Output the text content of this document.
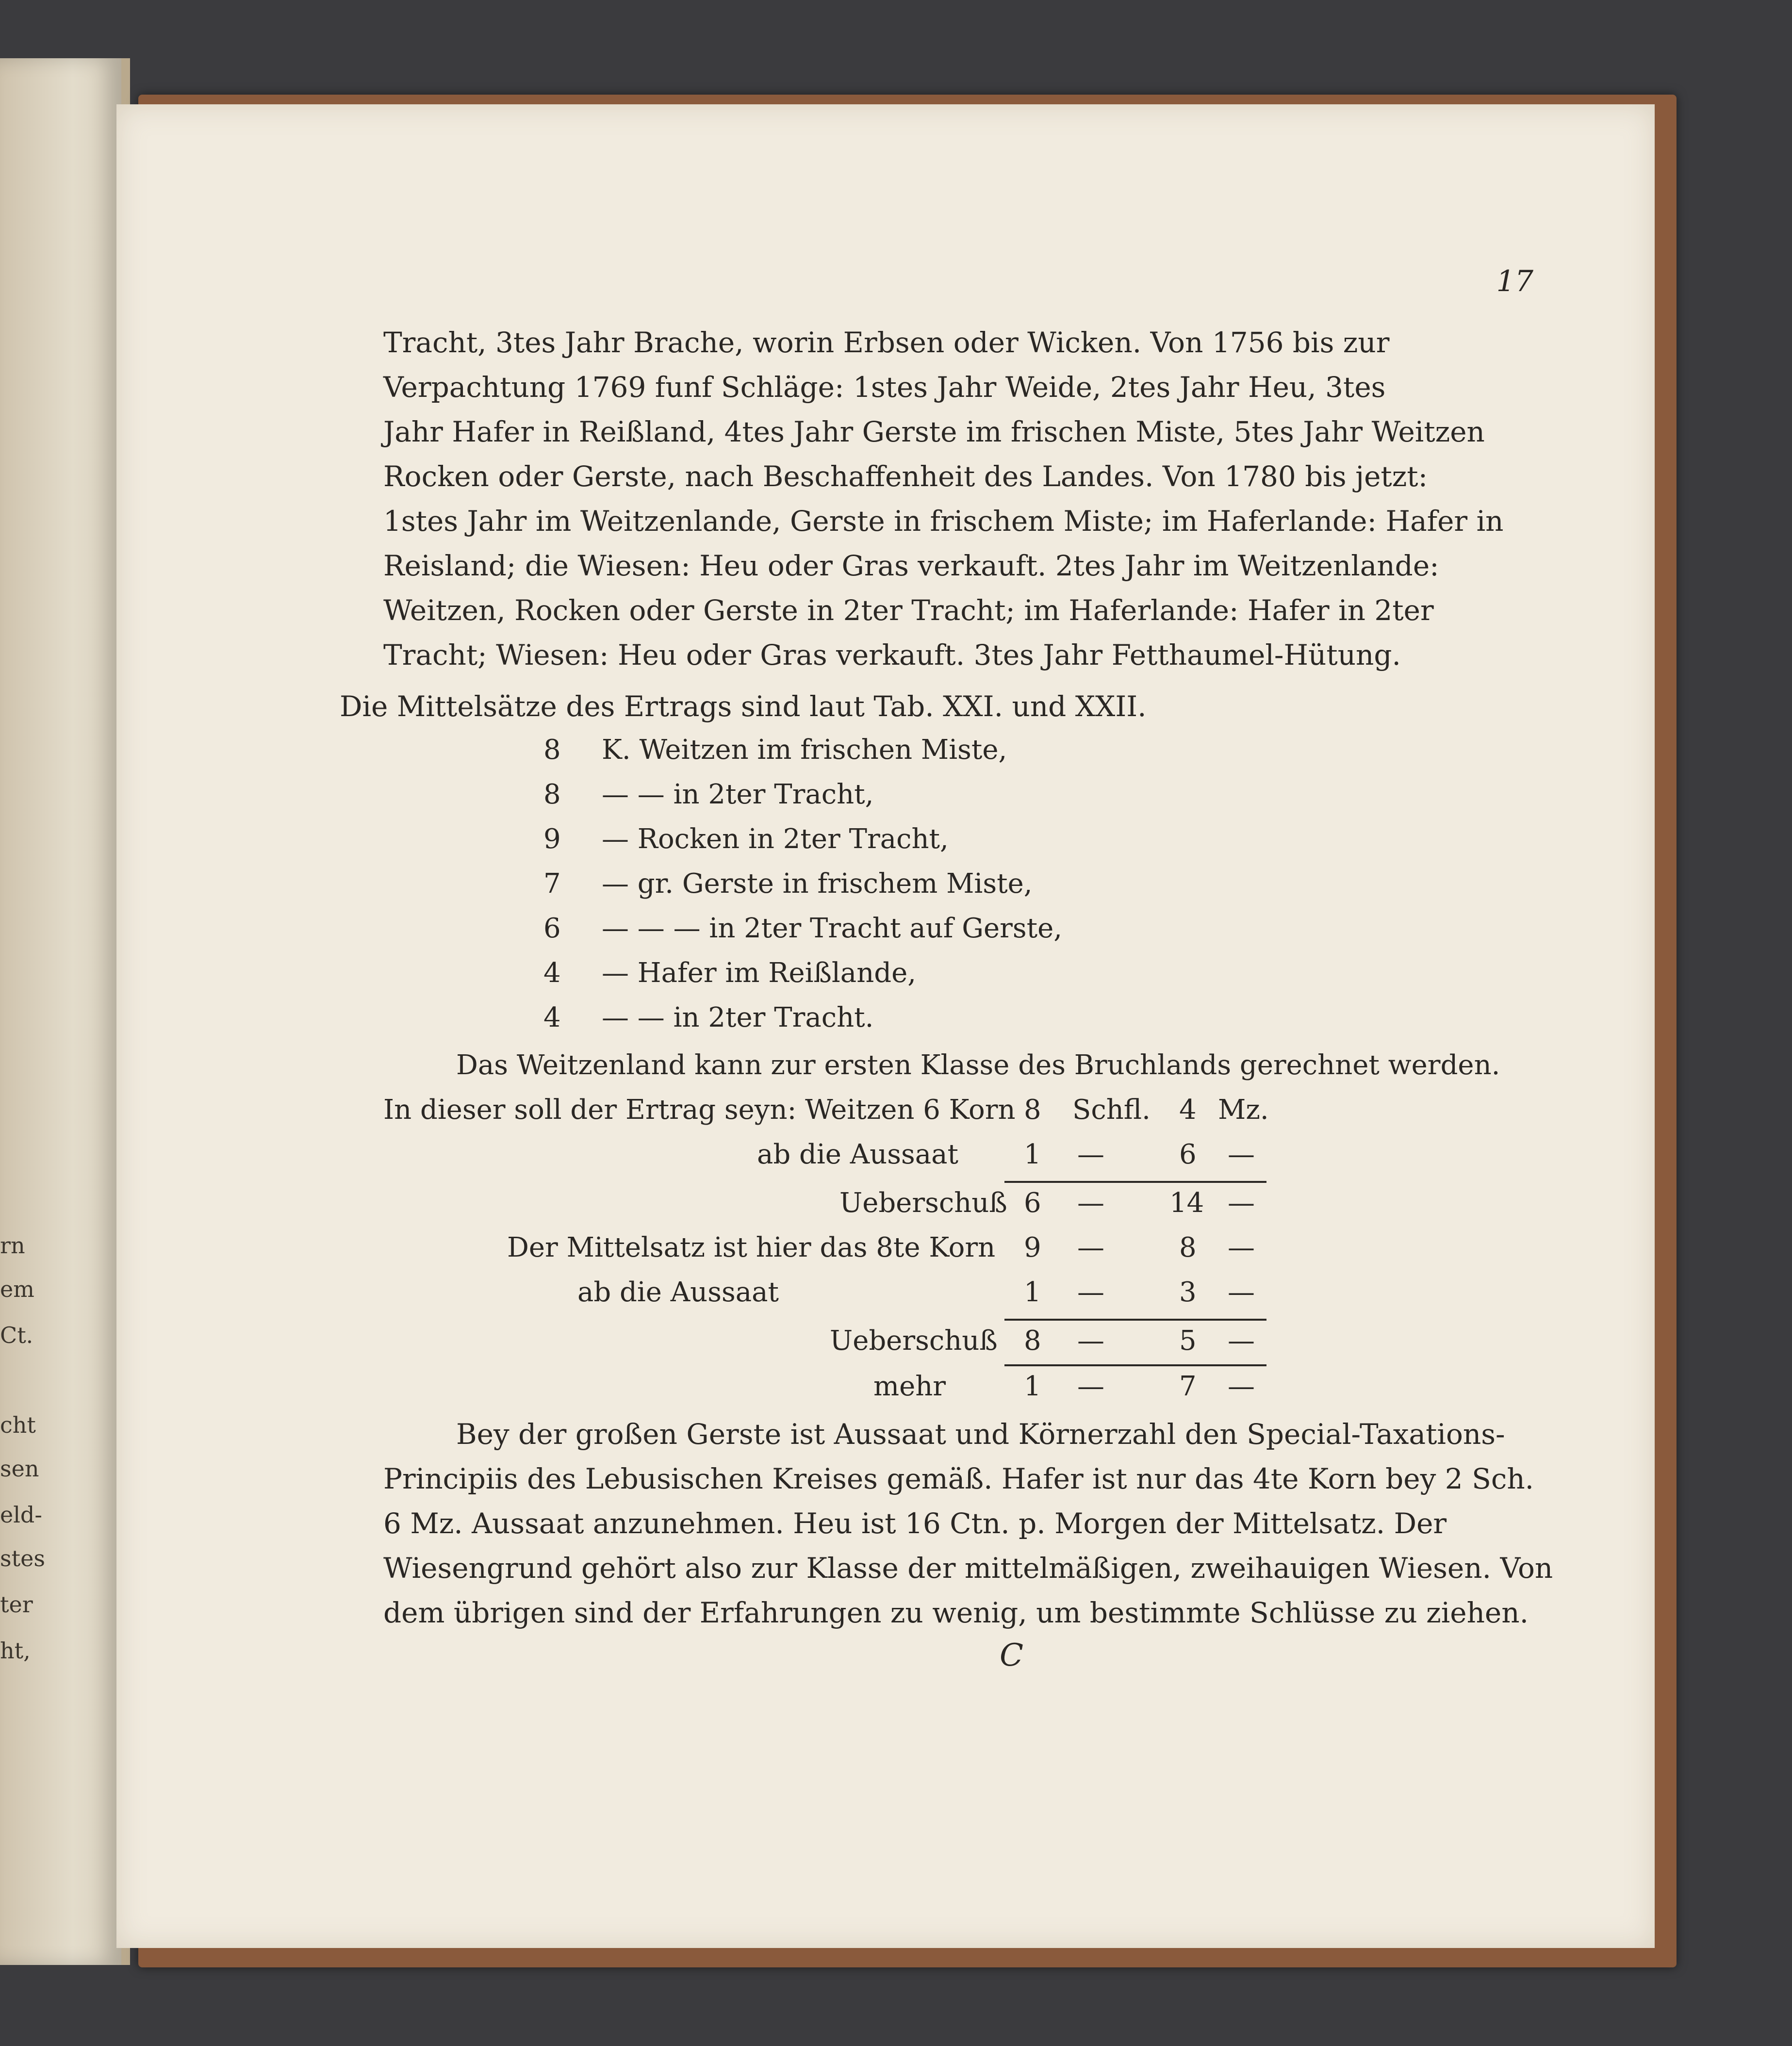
rn
em
Ct.
cht
sen
eld-
stes
ter
ht,
17
Tracht, 3tes Jahr Brache, worin Erbsen oder Wicken. Von 1756 bis zur
Verpachtung 1769 funf Schläge: 1stes Jahr Weide, 2tes Jahr Heu, 3tes
Jahr Hafer in Reißland, 4tes Jahr Gerste im frischen Miste, 5tes Jahr Weitzen
Rocken oder Gerste, nach Beschaffenheit des Landes. Von 1780 bis jetzt:
1stes Jahr im Weitzenlande, Gerste in frischem Miste; im Haferlande: Hafer in
Reisland; die Wiesen: Heu oder Gras verkauft. 2tes Jahr im Weitzenlande:
Weitzen, Rocken oder Gerste in 2ter Tracht; im Haferlande: Hafer in 2ter
Tracht; Wiesen: Heu oder Gras verkauft. 3tes Jahr Fetthaumel-Hütung.
Die Mittelsätze des Ertrags sind laut Tab. XXI. und XXII.
8 K. Weitzen im frischen Miste,
8 — — in 2ter Tracht,
9 — Rocken in 2ter Tracht,
7 — gr. Gerste in frischem Miste,
6 — — — in 2ter Tracht auf Gerste,
4 — Hafer im Reißlande,
4 — — in 2ter Tracht.
Das Weitzenland kann zur ersten Klasse des Bruchlands gerechnet werden.
In dieser soll der Ertrag seyn: Weitzen 6 Korn 8 Schfl. 4 Mz.
ab die Aussaat 1 —	6 —
Ueberschuß 6 — 14 —
Der Mittelsatz ist hier das 8te Korn 9 —	8 —
ab die Aussaat	1 —	3 —
Ueberschuß 8 —	5 —
mehr	1 —	7 —
Bey der großen Gerste ist Aussaat und Körnerzahl den Special-Taxations-
Principiis des Lebusischen Kreises gemäß. Hafer ist nur das 4te Korn bey 2 Sch.
6 Mz. Aussaat anzunehmen. Heu ist 16 Ctn. p. Morgen der Mittelsatz. Der
Wiesengrund gehört also zur Klasse der mittelmäßigen, zweihauigen Wiesen. Von
dem übrigen sind der Erfahrungen zu wenig, um bestimmte Schlüsse zu ziehen.
C
